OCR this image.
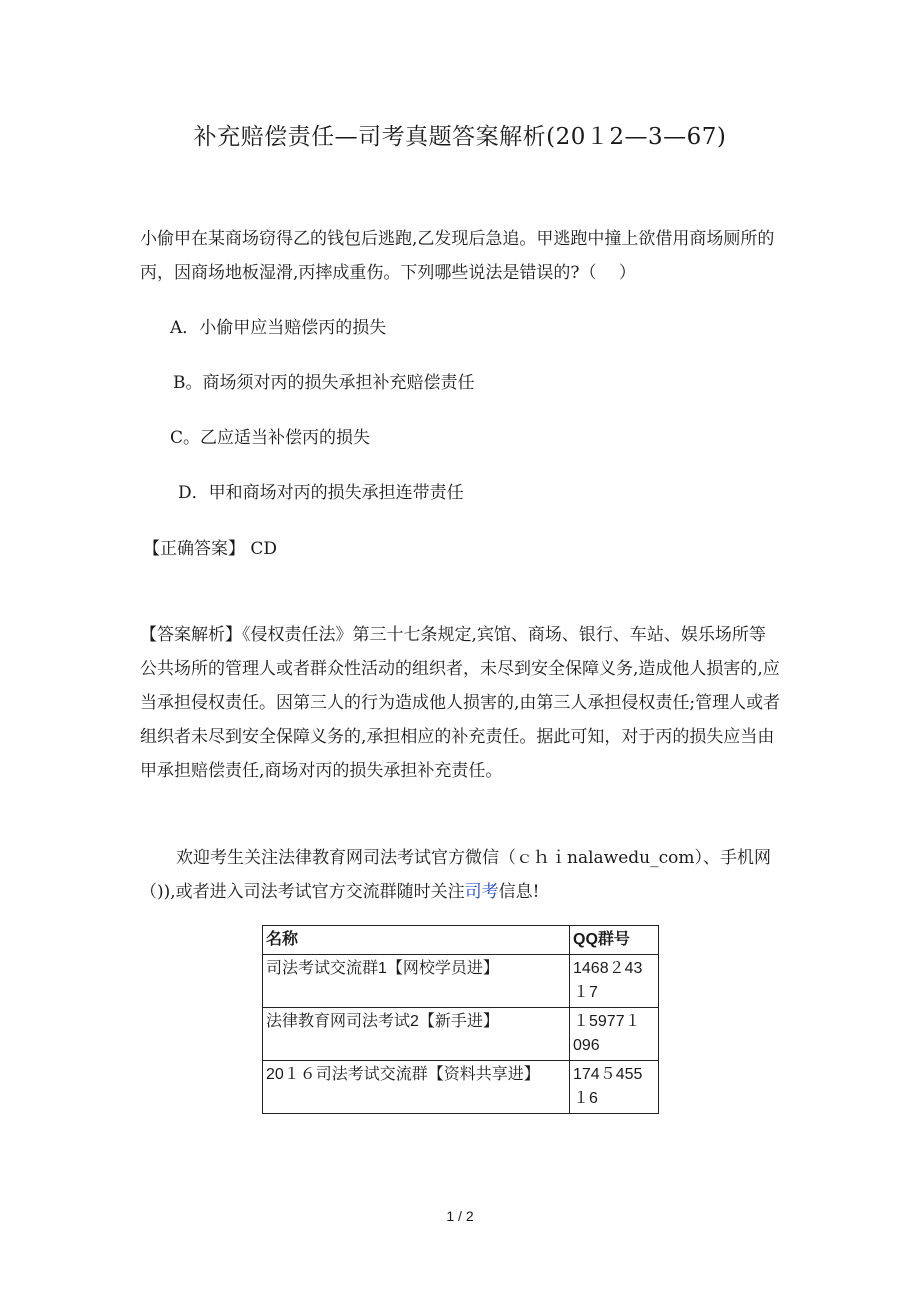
补充赔偿责任—司考真题答案解析(20１2—3—67)
小偷甲在某商场窃得乙的钱包后逃跑,乙发现后急追。甲逃跑中撞上欲借用商场厕所的丙，因商场地板湿滑,丙摔成重伤。下列哪些说法是错误的?（　 ）
A．小偷甲应当赔偿丙的损失
B。商场须对丙的损失承担补充赔偿责任
C。乙应适当补偿丙的损失
D．甲和商场对丙的损失承担连带责任
【正确答案】 CD
【答案解析】《侵权责任法》第三十七条规定,宾馆、商场、银行、车站、娱乐场所等公共场所的管理人或者群众性活动的组织者，未尽到安全保障义务,造成他人损害的,应当承担侵权责任。因第三人的行为造成他人损害的,由第三人承担侵权责任;管理人或者组织者未尽到安全保障义务的,承担相应的补充责任。据此可知，对于丙的损失应当由甲承担赔偿责任,商场对丙的损失承担补充责任。
欢迎考生关注法律教育网司法考试官方微信（ｃｈｉnalawedu_com）、手机网（)),或者进入司法考试官方交流群随时关注司考信息!
名称	QQ群号
司法考试交流群1【网校学员进】	1468２43１7
法律教育网司法考试2【新手进】	１5977１096
20１６司法考试交流群【资料共享进】	174５455１6
1 / 2
